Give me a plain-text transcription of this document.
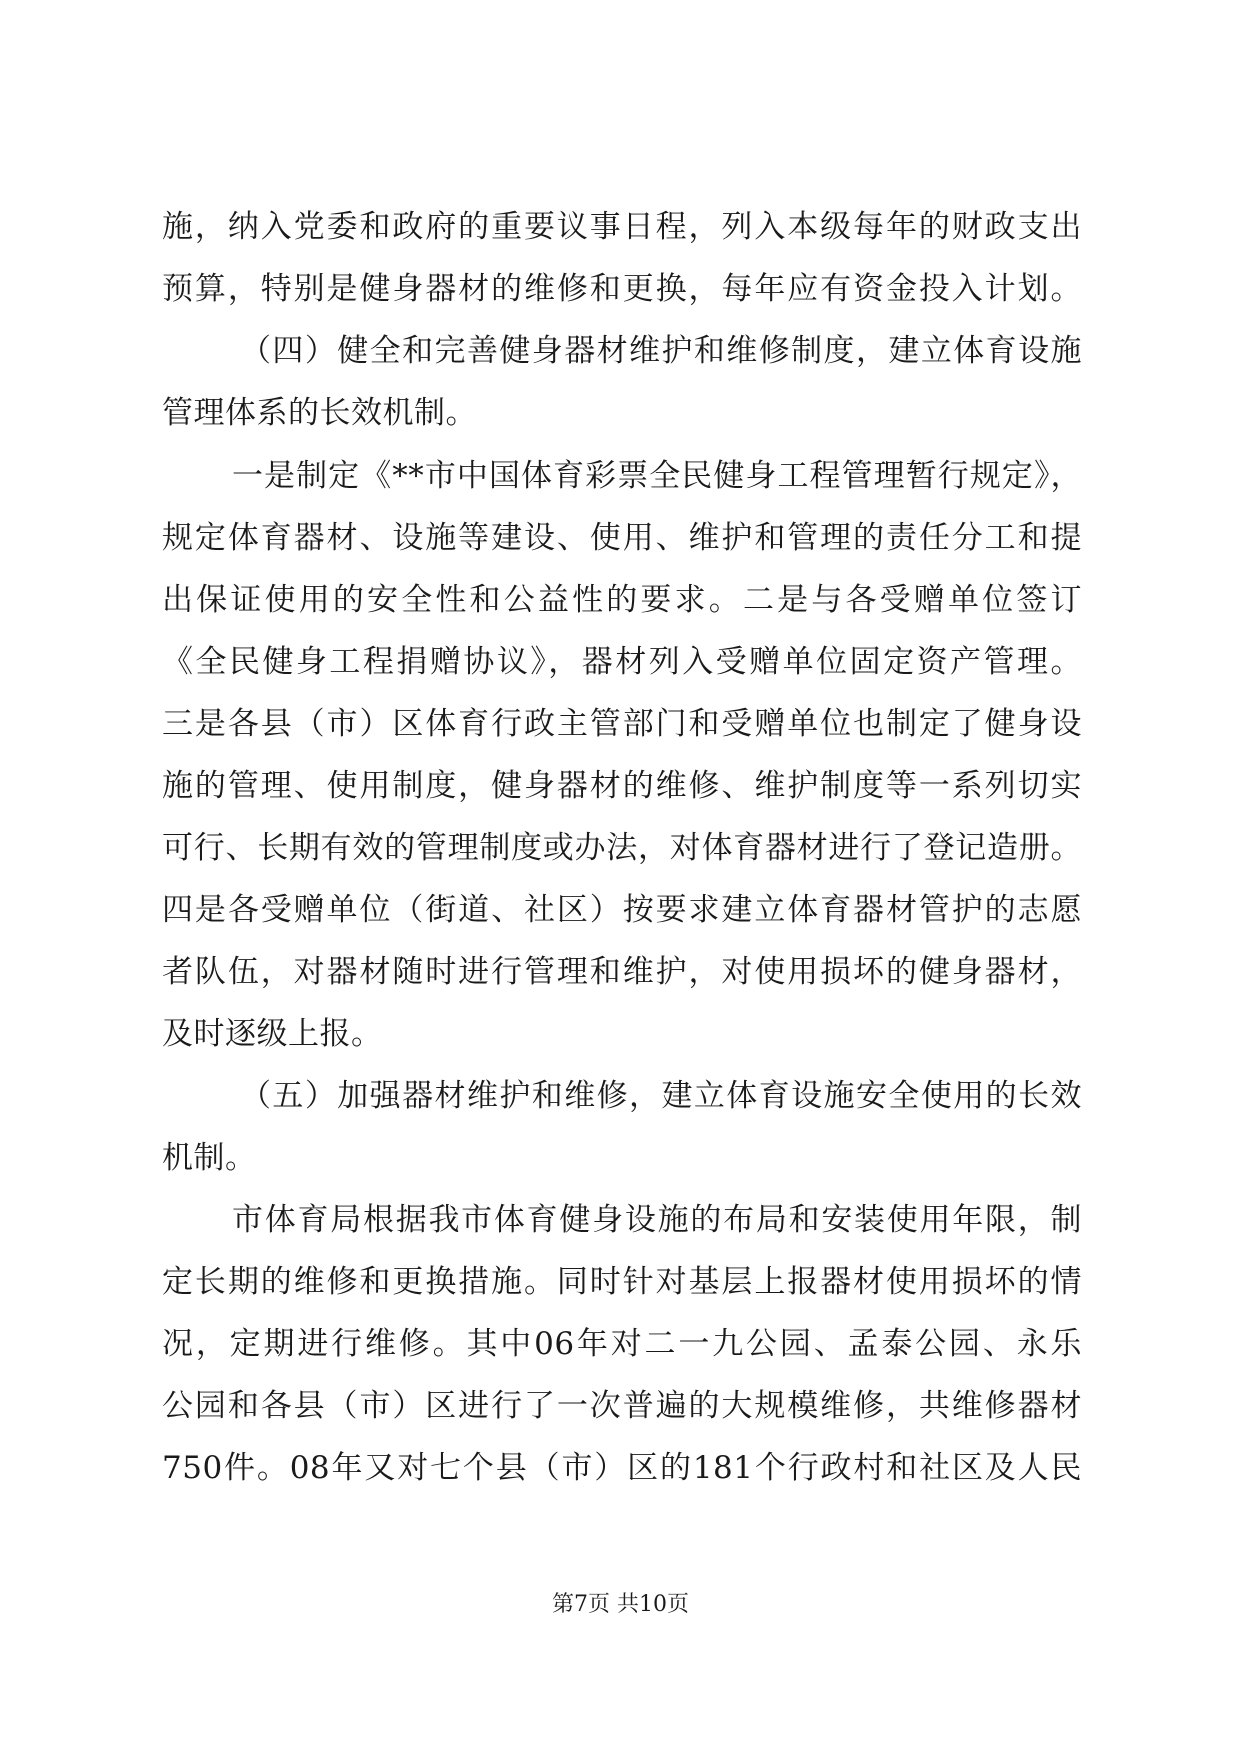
施，纳入党委和政府的重要议事日程，列入本级每年的财政支出
预算，特别是健身器材的维修和更换，每年应有资金投入计划。
（四）健全和完善健身器材维护和维修制度，建立体育设施
管理体系的长效机制。
一是制定《**市中国体育彩票全民健身工程管理暂行规定》，
规定体育器材、设施等建设、使用、维护和管理的责任分工和提
出保证使用的安全性和公益性的要求。二是与各受赠单位签订
《全民健身工程捐赠协议》，器材列入受赠单位固定资产管理。
三是各县（市）区体育行政主管部门和受赠单位也制定了健身设
施的管理、使用制度，健身器材的维修、维护制度等一系列切实
可行、长期有效的管理制度或办法，对体育器材进行了登记造册。
四是各受赠单位（街道、社区）按要求建立体育器材管护的志愿
者队伍，对器材随时进行管理和维护，对使用损坏的健身器材，
及时逐级上报。
（五）加强器材维护和维修，建立体育设施安全使用的长效
机制。
市体育局根据我市体育健身设施的布局和安装使用年限，制
定长期的维修和更换措施。同时针对基层上报器材使用损坏的情
况，定期进行维修。其中06年对二一九公园、孟泰公园、永乐
公园和各县（市）区进行了一次普遍的大规模维修，共维修器材
750件。08年又对七个县（市）区的181个行政村和社区及人民
第7页 共10页
